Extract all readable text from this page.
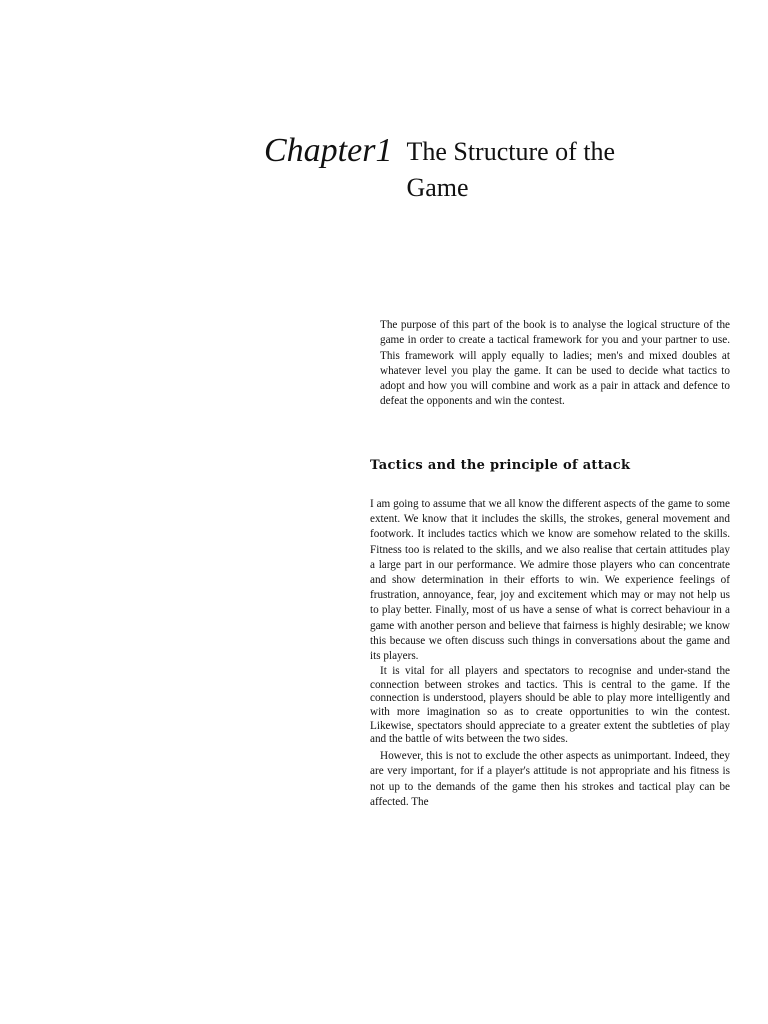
Chapter1 The Structure of the
Game

The purpose of this part of the book is to analyse the logical structure of the game in order to create a tactical framework for you and your partner to use. This framework will apply equally to ladies; men's and mixed doubles at whatever level you play the game. It can be used to decide what tactics to adopt and how you will combine and work as a pair in attack and defence to defeat the opponents and win the contest.

Tactics and the principle of attack

I am going to assume that we all know the different aspects of the game to some extent. We know that it includes the skills, the strokes, general movement and footwork. It includes tactics which we know are somehow related to the skills. Fitness too is related to the skills, and we also realise that certain attitudes play a large part in our performance. We admire those players who can concentrate and show determination in their efforts to win. We experience feelings of frustration, annoyance, fear, joy and excitement which may or may not help us to play better. Finally, most of us have a sense of what is correct behaviour in a game with another person and believe that fairness is highly desirable; we know this because we often discuss such things in conversations about the game and its players.

It is vital for all players and spectators to recognise and under-stand the connection between strokes and tactics. This is central to the game. If the connection is understood, players should be able to play more intelligently and with more imagination so as to create opportunities to win the contest. Likewise, spectators should appreciate to a greater extent the subtleties of play and the battle of wits between the two sides.

However, this is not to exclude the other aspects as unimportant. Indeed, they are very important, for if a player's attitude is not appropriate and his fitness is not up to the demands of the game then his strokes and tactical play can be affected. The
